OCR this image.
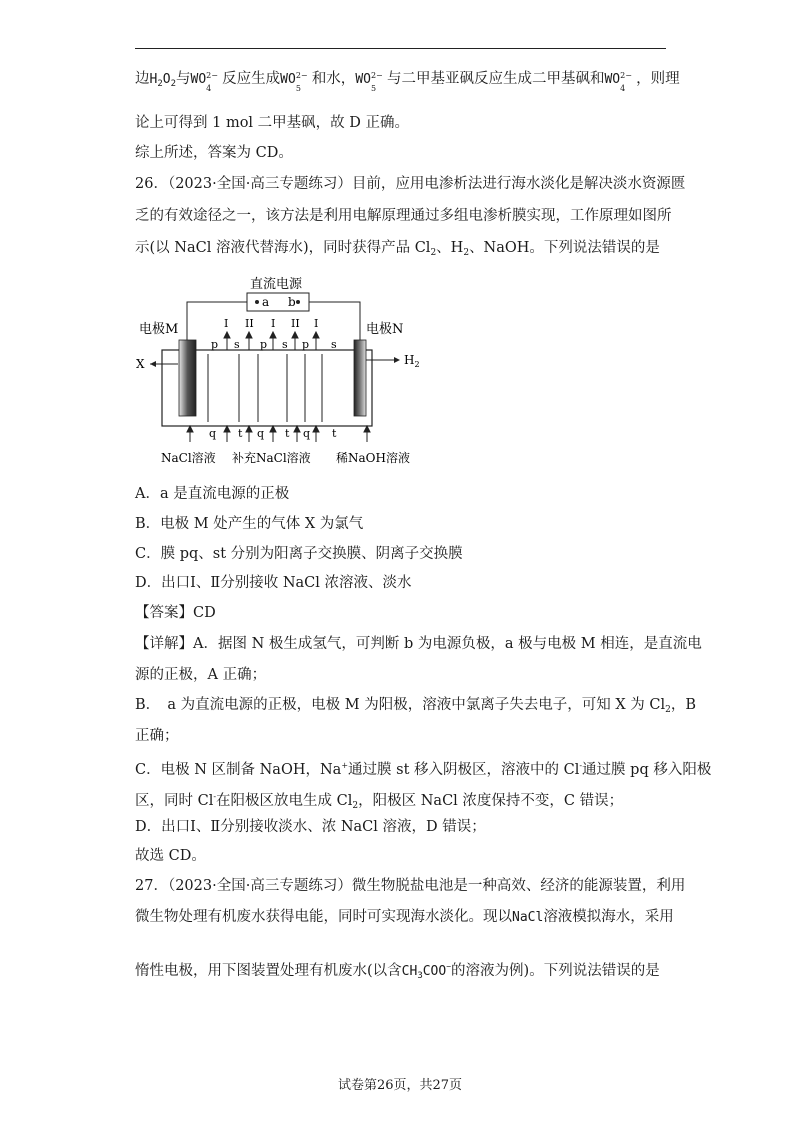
边$H_2O_2$与WO 2−
4
反应生成WO 2−
5
和水，WO 2−
5
与二甲基亚砜反应生成二甲基砜和WO 2−
4
，则理
论上可得到 1 mol 二甲基砜，故 D 正确。
综上所述，答案为 CD。
26．（2023·全国·高三专题练习）目前，应用电渗析法进行海水淡化是解决淡水资源匮
乏的有效途径之一，该方法是利用电解原理通过多组电渗析膜实现，工作原理如图所
示(以 NaCl 溶液代替海水)，同时获得产品 $Cl_2$、$H_2$、NaOH。下列说法错误的是
直流电源
a b
电极M	电极N
p s p s p s
I II I II I
X	$H_2$
q t q t q t
NaCl溶液 补充NaCl溶液 稀NaOH溶液
A．a 是直流电源的正极
B．电极 M 处产生的气体 X 为氯气
C．膜 pq、st 分别为阳离子交换膜、阴离子交换膜
D．出口Ⅰ、Ⅱ分别接收 NaCl 浓溶液、淡水
【答案】CD
【详解】A．据图 N 极生成氢气，可判断 b 为电源负极，a 极与电极 M 相连，是直流电
源的正极，A 正确；
B．　a 为直流电源的正极，电极 M 为阳极，溶液中氯离子失去电子，可知 X 为 $Cl_2$，B
正确；
C．电极 N 区制备 NaOH，Na+通过膜 st 移入阴极区，溶液中的 Cl-通过膜 pq 移入阳极
区，同时 Cl-在阳极区放电生成 $Cl_2$，阳极区 NaCl 浓度保持不变，C 错误；
D．出口Ⅰ、Ⅱ分别接收淡水、浓 NaCl 溶液，D 错误；
故选 CD。
27．（2023·全国·高三专题练习）微生物脱盐电池是一种高效、经济的能源装置，利用
微生物处理有机废水获得电能，同时可实现海水淡化。现以NaCl溶液模拟海水，采用
惰性电极，用下图装置处理有机废水(以含$CH_3COO^-$的溶液为例)。下列说法错误的是
试卷第26页，共27页
